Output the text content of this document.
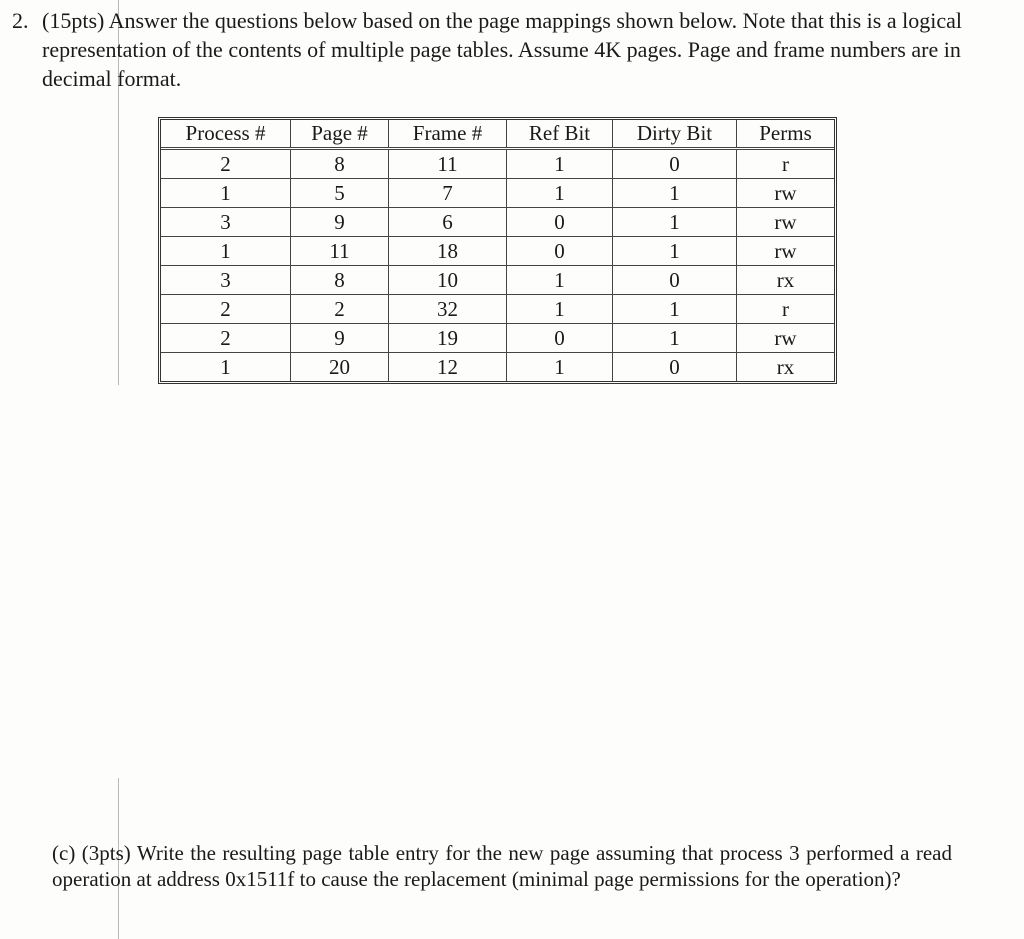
2. (15pts) Answer the questions below based on the page mappings shown below. Note that this is a logical representation of the contents of multiple page tables. Assume 4K pages. Page and frame numbers are in decimal format.
Process #	Page #	Frame #	Ref Bit	Dirty Bit	Perms
2	8	11	1	0	r
1	5	7	1	1	rw
3	9	6	0	1	rw
1	11	18	0	1	rw
3	8	10	1	0	rx
2	2	32	1	1	r
2	9	19	0	1	rw
1	20	12	1	0	rx
(c) (3pts) Write the resulting page table entry for the new page assuming that process 3 performed a read operation at address 0x1511f to cause the replacement (minimal page permissions for the operation)?
